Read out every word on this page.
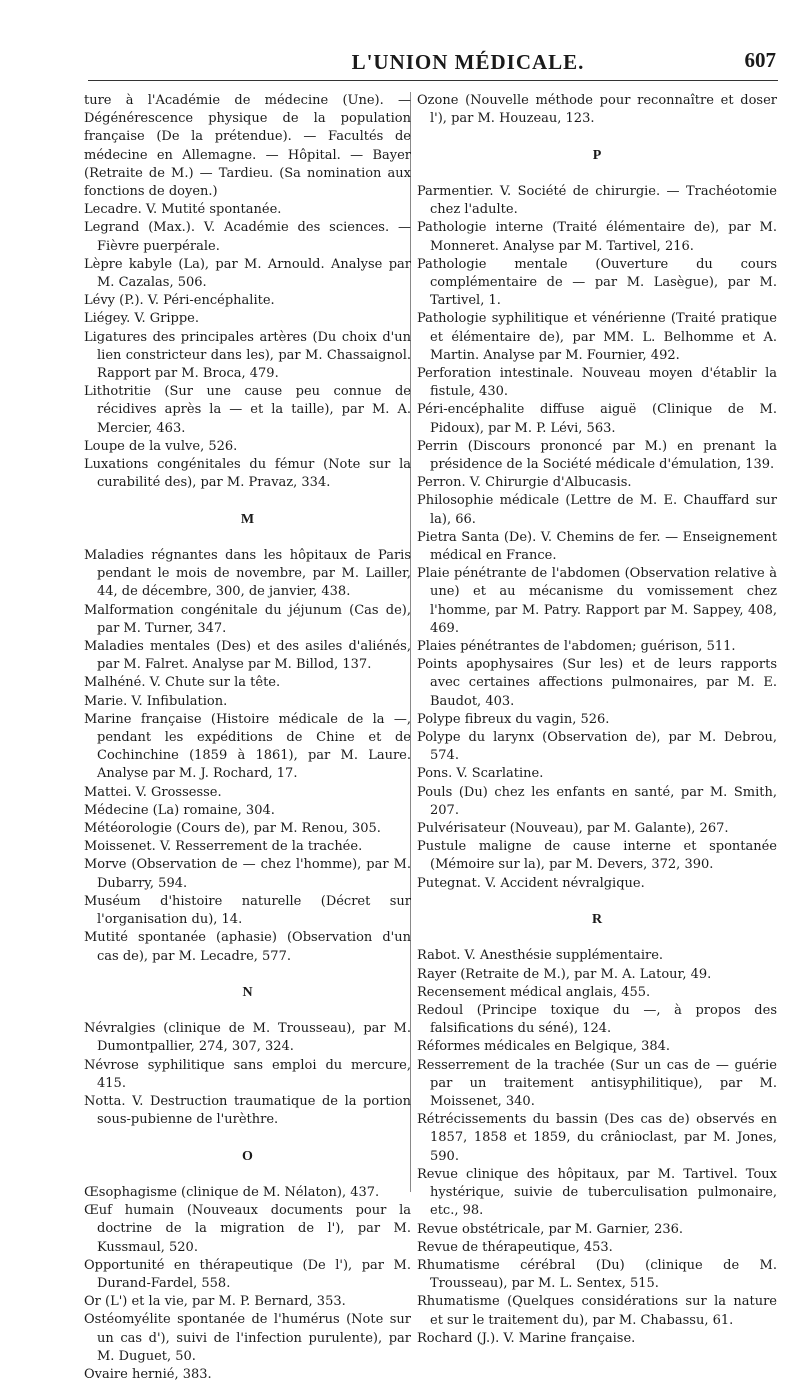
L'UNION MÉDICALE.	607

ture à l'Académie de médecine (Une). — Dégénérescence physique de la population française (De la prétendue). — Facultés de médecine en Allemagne. — Hôpital. — Bayer (Retraite de M.) — Tardieu. (Sa nomination aux fonctions de doyen.)

Lecadre. V. Mutité spontanée.

Legrand (Max.). V. Académie des sciences. — Fièvre puerpérale.

Lèpre kabyle (La), par M. Arnould. Analyse par M. Cazalas, 506.

Lévy (P.). V. Péri-encéphalite.

Liégey. V. Grippe.

Ligatures des principales artères (Du choix d'un lien constricteur dans les), par M. Chassaignol. Rapport par M. Broca, 479.

Lithotritie (Sur une cause peu connue de récidives après la — et la taille), par M. A. Mercier, 463.

Loupe de la vulve, 526.

Luxations congénitales du fémur (Note sur la curabilité des), par M. Pravaz, 334.

M

Maladies régnantes dans les hôpitaux de Paris pendant le mois de novembre, par M. Lailler, 44, de décembre, 300, de janvier, 438.

Malformation congénitale du jéjunum (Cas de), par M. Turner, 347.

Maladies mentales (Des) et des asiles d'aliénés, par M. Falret. Analyse par M. Billod, 137.

Malhéné. V. Chute sur la tête.

Marie. V. Infibulation.

Marine française (Histoire médicale de la —, pendant les expéditions de Chine et de Cochinchine (1859 à 1861), par M. Laure. Analyse par M. J. Rochard, 17.

Mattei. V. Grossesse.

Médecine (La) romaine, 304.

Météorologie (Cours de), par M. Renou, 305.

Moissenet. V. Resserrement de la trachée.

Morve (Observation de — chez l'homme), par M. Dubarry, 594.

Muséum d'histoire naturelle (Décret sur l'organisation du), 14.

Mutité spontanée (aphasie) (Observation d'un cas de), par M. Lecadre, 577.

N

Névralgies (clinique de M. Trousseau), par M. Dumontpallier, 274, 307, 324.

Névrose syphilitique sans emploi du mercure, 415.

Notta. V. Destruction traumatique de la portion sous-pubienne de l'urèthre.

O

Œsophagisme (clinique de M. Nélaton), 437.

Œuf humain (Nouveaux documents pour la doctrine de la migration de l'), par M. Kussmaul, 520.

Opportunité en thérapeutique (De l'), par M. Durand-Fardel, 558.

Or (L') et la vie, par M. P. Bernard, 353.

Ostéomyélite spontanée de l'humérus (Note sur un cas d'), suivi de l'infection purulente), par M. Duguet, 50.

Ovaire hernié, 383.

Ozone (Nouvelle méthode pour reconnaître et doser l'), par M. Houzeau, 123.

P

Parmentier. V. Société de chirurgie. — Trachéotomie chez l'adulte.

Pathologie interne (Traité élémentaire de), par M. Monneret. Analyse par M. Tartivel, 216.

Pathologie mentale (Ouverture du cours complémentaire de — par M. Lasègue), par M. Tartivel, 1.

Pathologie syphilitique et vénérienne (Traité pratique et élémentaire de), par MM. L. Belhomme et A. Martin. Analyse par M. Fournier, 492.

Perforation intestinale. Nouveau moyen d'établir la fistule, 430.

Péri-encéphalite diffuse aiguë (Clinique de M. Pidoux), par M. P. Lévi, 563.

Perrin (Discours prononcé par M.) en prenant la présidence de la Société médicale d'émulation, 139.

Perron. V. Chirurgie d'Albucasis.

Philosophie médicale (Lettre de M. E. Chauffard sur la), 66.

Pietra Santa (De). V. Chemins de fer. — Enseignement médical en France.

Plaie pénétrante de l'abdomen (Observation relative à une) et au mécanisme du vomissement chez l'homme, par M. Patry. Rapport par M. Sappey, 408, 469.

Plaies pénétrantes de l'abdomen; guérison, 511.

Points apophysaires (Sur les) et de leurs rapports avec certaines affections pulmonaires, par M. E. Baudot, 403.

Polype fibreux du vagin, 526.

Polype du larynx (Observation de), par M. Debrou, 574.

Pons. V. Scarlatine.

Pouls (Du) chez les enfants en santé, par M. Smith, 207.

Pulvérisateur (Nouveau), par M. Galante), 267.

Pustule maligne de cause interne et spontanée (Mémoire sur la), par M. Devers, 372, 390.

Putegnat. V. Accident névralgique.

R

Rabot. V. Anesthésie supplémentaire.

Rayer (Retraite de M.), par M. A. Latour, 49.

Recensement médical anglais, 455.

Redoul (Principe toxique du —, à propos des falsifications du séné), 124.

Réformes médicales en Belgique, 384.

Resserrement de la trachée (Sur un cas de — guérie par un traitement antisyphilitique), par M. Moissenet, 340.

Rétrécissements du bassin (Des cas de) observés en 1857, 1858 et 1859, du crânioclast, par M. Jones, 590.

Revue clinique des hôpitaux, par M. Tartivel. Toux hystérique, suivie de tuberculisation pulmonaire, etc., 98.

Revue obstétricale, par M. Garnier, 236.

Revue de thérapeutique, 453.

Rhumatisme cérébral (Du) (clinique de M. Trousseau), par M. L. Sentex, 515.

Rhumatisme (Quelques considérations sur la nature et sur le traitement du), par M. Chabassu, 61.

Rochard (J.). V. Marine française.
